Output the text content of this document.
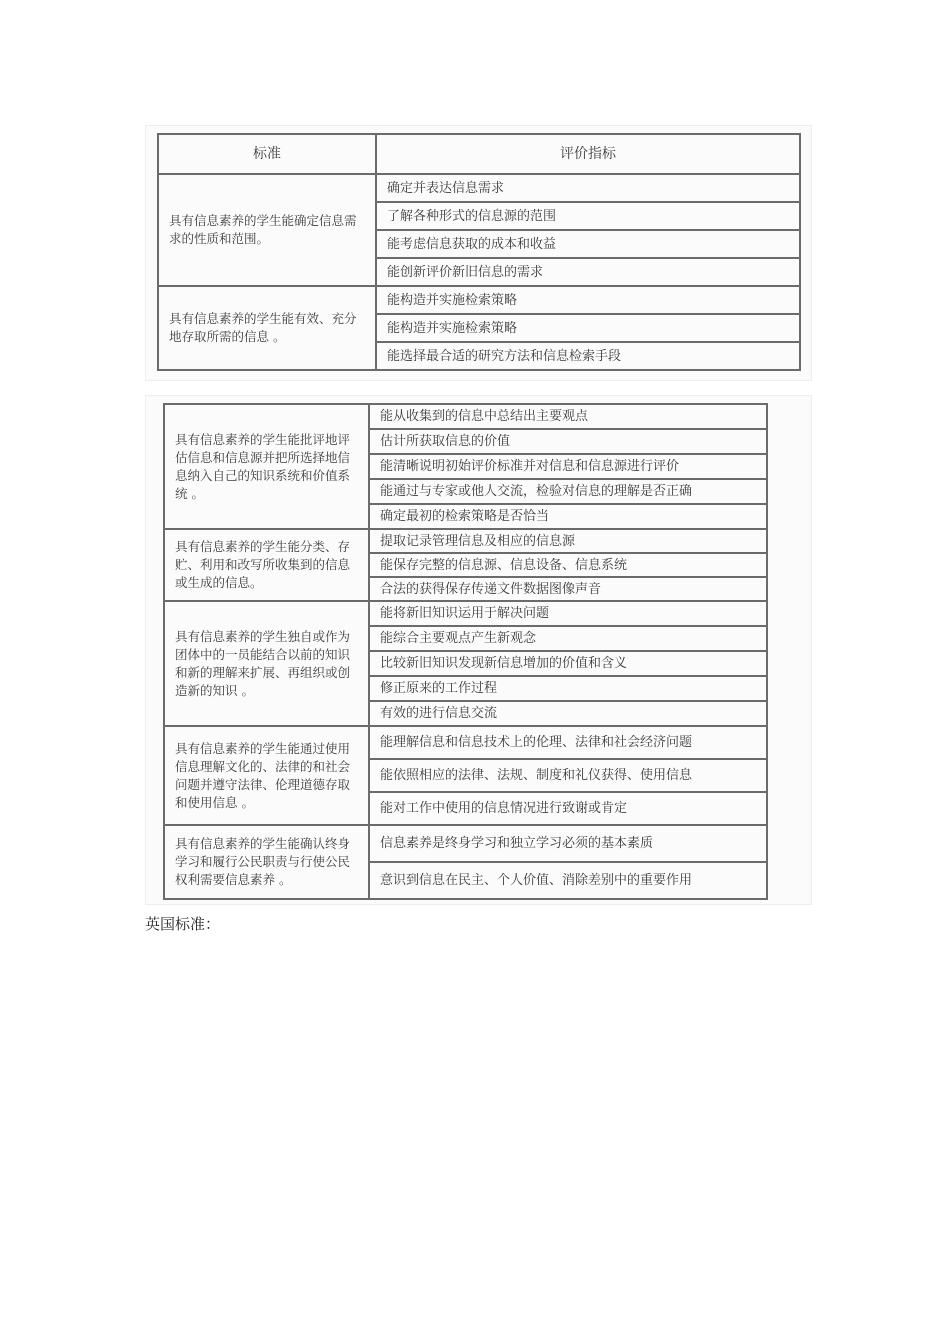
标准	评价指标
具有信息素养的学生能确定信息需求的性质和范围。	确定并表达信息需求
	了解各种形式的信息源的范围
	能考虑信息获取的成本和收益
	能创新评价新旧信息的需求
具有信息素养的学生能有效、充分地存取所需的信息 。	能构造并实施检索策略
	能构造并实施检索策略
	能选择最合适的研究方法和信息检索手段
具有信息素养的学生能批评地评估信息和信息源并把所选择地信息纳入自己的知识系统和价值系统 。	能从收集到的信息中总结出主要观点
	估计所获取信息的价值
	能清晰说明初始评价标准并对信息和信息源进行评价
	能通过与专家或他人交流，检验对信息的理解是否正确
	确定最初的检索策略是否恰当
具有信息素养的学生能分类、存贮、利用和改写所收集到的信息或生成的信息。	提取记录管理信息及相应的信息源
	能保存完整的信息源、信息设备、信息系统
	合法的获得保存传递文件数据图像声音
具有信息素养的学生独自或作为团体中的一员能结合以前的知识和新的理解来扩展、再组织或创造新的知识 。	能将新旧知识运用于解决问题
	能综合主要观点产生新观念
	比较新旧知识发现新信息增加的价值和含义
	修正原来的工作过程
	有效的进行信息交流
具有信息素养的学生能通过使用信息理解文化的、法律的和社会问题并遵守法律、伦理道德存取和使用信息 。	能理解信息和信息技术上的伦理、法律和社会经济问题
	能依照相应的法律、法规、制度和礼仪获得、使用信息
	能对工作中使用的信息情况进行致谢或肯定
具有信息素养的学生能确认终身学习和履行公民职责与行使公民权利需要信息素养 。	信息素养是终身学习和独立学习必须的基本素质
	意识到信息在民主、个人价值、消除差别中的重要作用
英国标准：
